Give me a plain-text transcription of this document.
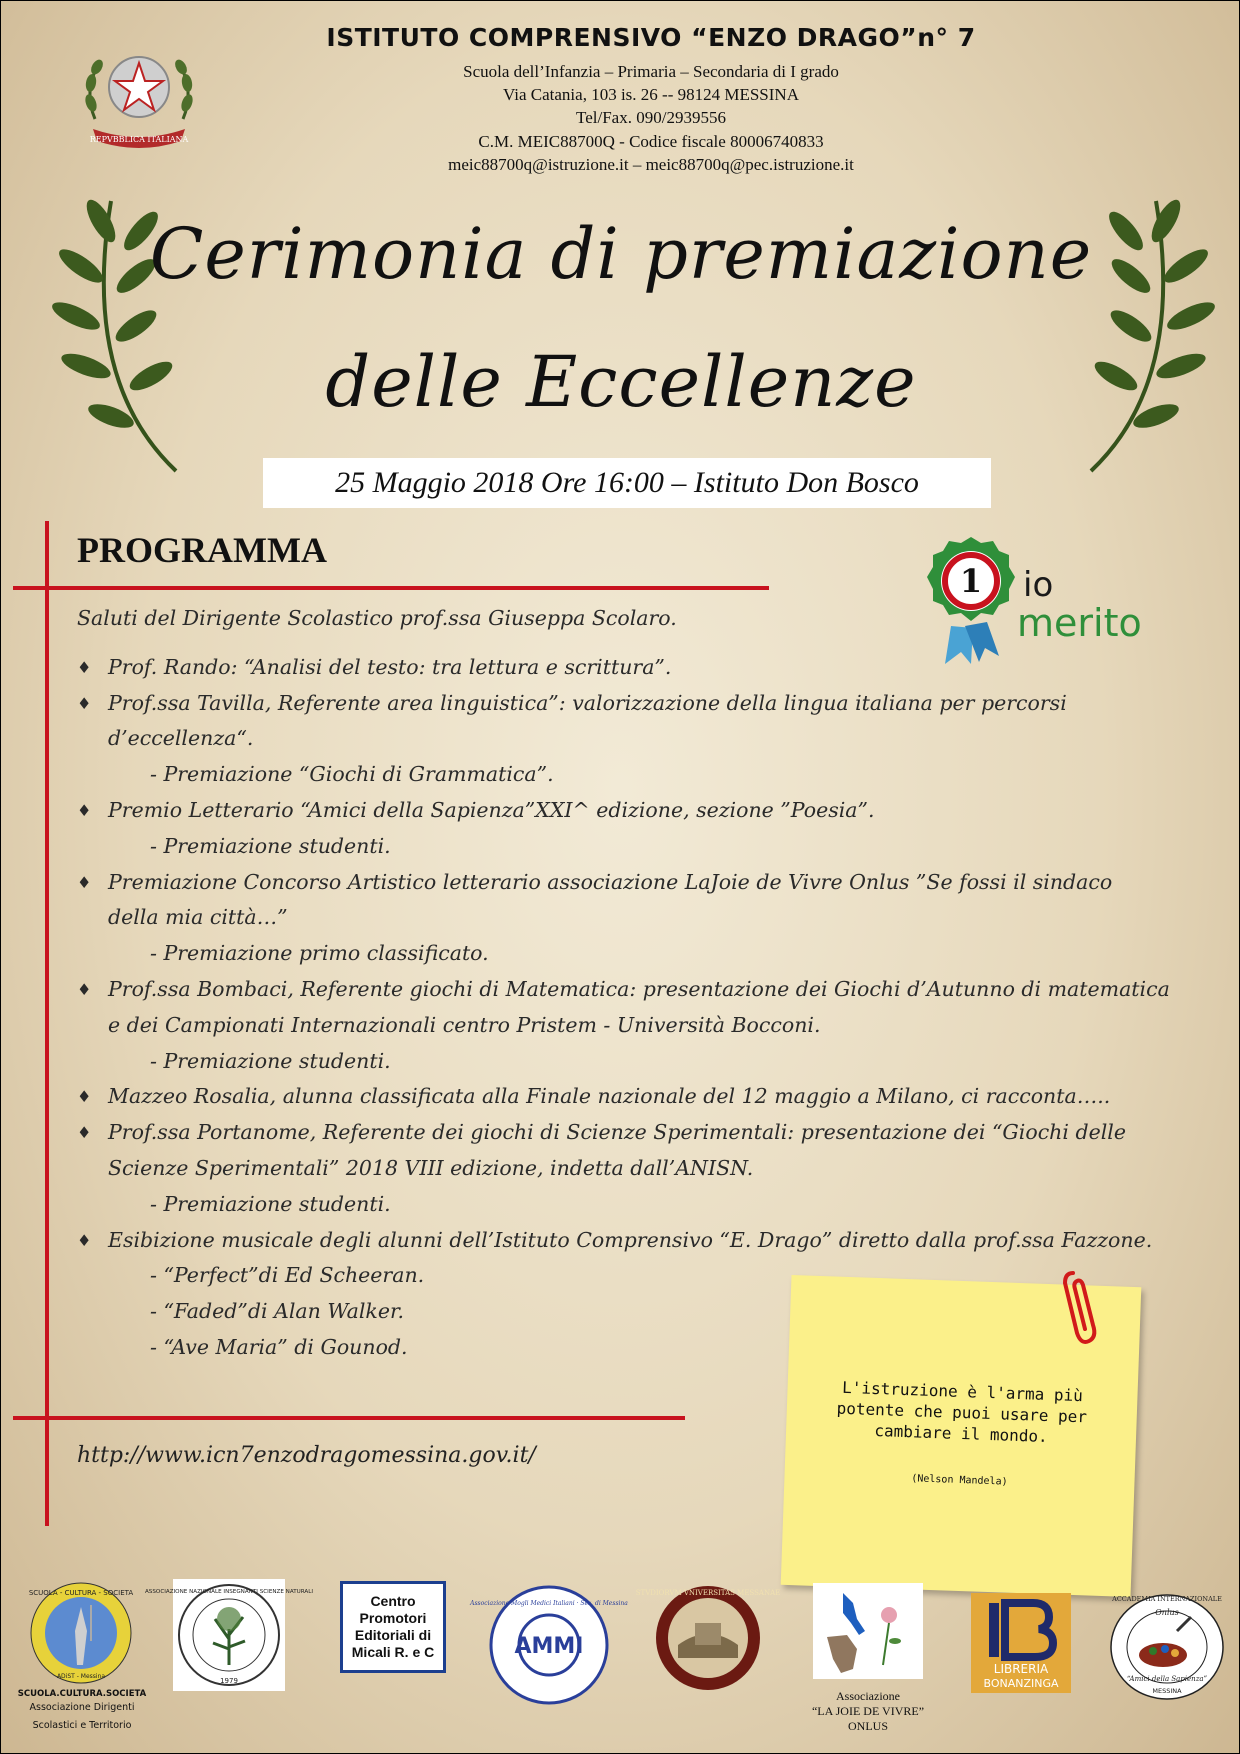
REPVBBLICA ITALIANA
ISTITUTO COMPRENSIVO “ENZO DRAGO”n° 7
Scuola dell’Infanzia – Primaria – Secondaria di I grado
Via Catania, 103 is. 26 -- 98124 MESSINA
Tel/Fax. 090/2939556
C.M. MEIC88700Q - Codice fiscale 80006740833
meic88700q@istruzione.it – meic88700q@pec.istruzione.it
Cerimonia di premiazione
delle Eccellenze
25 Maggio 2018 Ore 16:00 – Istituto Don Bosco
PROGRAMMA
1 io
merito
Saluti del Dirigente Scolastico prof.ssa Giuseppa Scolaro.
♦ Prof. Rando: “Analisi del testo: tra lettura e scrittura”.
♦ Prof.ssa Tavilla, Referente area linguistica”: valorizzazione della lingua italiana per percorsi
d’eccellenza“.
- Premiazione “Giochi di Grammatica”.
♦ Premio Letterario “Amici della Sapienza”XXI^ edizione, sezione ”Poesia”.
- Premiazione studenti.
♦ Premiazione Concorso Artistico letterario associazione LaJoie de Vivre Onlus ”Se fossi il sindaco
della mia città…”
- Premiazione primo classificato.
♦ Prof.ssa Bombaci, Referente giochi di Matematica: presentazione dei Giochi d’Autunno di matematica
e dei Campionati Internazionali centro Pristem - Università Bocconi.
- Premiazione studenti.
♦ Mazzeo Rosalia, alunna classificata alla Finale nazionale del 12 maggio a Milano, ci racconta…..
♦ Prof.ssa Portanome, Referente dei giochi di Scienze Sperimentali: presentazione dei “Giochi delle
Scienze Sperimentali” 2018 VIII edizione, indetta dall’ANISN.
- Premiazione studenti.
♦ Esibizione musicale degli alunni dell’Istituto Comprensivo “E. Drago” diretto dalla prof.ssa Fazzone.
- “Perfect”di Ed Scheeran.
- “Faded”di Alan Walker.
- “Ave Maria” di Gounod.
http://www.icn7enzodragomessina.gov.it/
L'istruzione è l'arma più potente che puoi usare per cambiare il mondo.
(Nelson Mandela)
SCUOLA - CULTURA - SOCIETA
ADiST - Messina
SCUOLA.CULTURA.SOCIETA
Associazione Dirigenti
Scolastici e Territorio
ASSOCIAZIONE NAZIONALE INSEGNANTI SCIENZE NATURALI
1979
Centro
Promotori
Editoriali di
Micali R. e C	AMMI
Associazione Mogli Medici Italiani · Sez. di Messina
STVDIORVM VNIVERSITAS MESSANAE
Associazione
“LA JOIE DE VIVRE”
ONLUS
LIBRERIA
BONANZINGA
ACCADEMIA INTERNAZIONALE
Onlus
“Amici della Sapienza”
MESSINA
